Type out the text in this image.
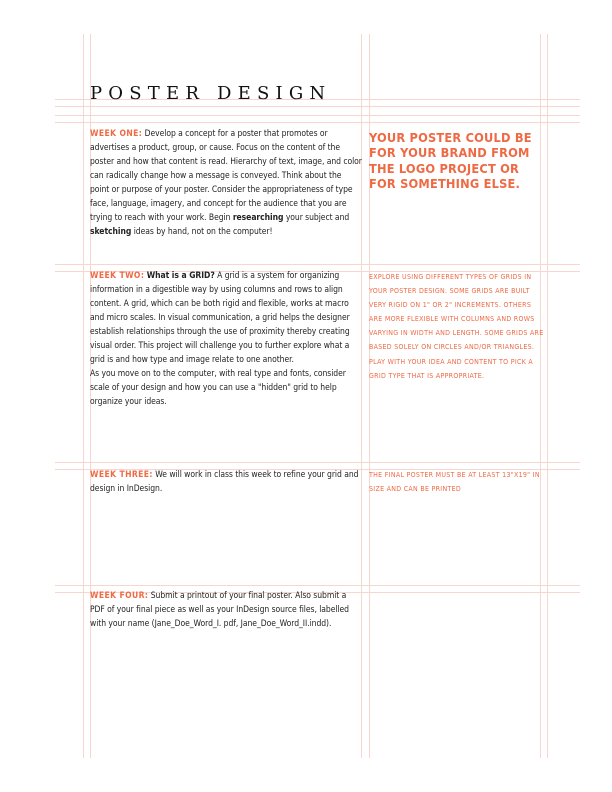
POSTER DESIGN

WEEK ONE: Develop a concept for a poster that promotes or advertises a product, group, or cause. Focus on the content of the poster and how that content is read. Hierarchy of text, image, and color can radically change how a message is conveyed. Think about the point or purpose of your poster. Consider the appropriateness of type face, language, imagery, and concept for the audience that you are trying to reach with your work. Begin researching your subject and sketching ideas by hand, not on the computer!

YOUR POSTER COULD BE FOR YOUR BRAND FROM THE LOGO PROJECT OR FOR SOMETHING ELSE.

WEEK TWO: What is a GRID? A grid is a system for organizing information in a digestible way by using columns and rows to align content. A grid, which can be both rigid and flexible, works at macro and micro scales. In visual communication, a grid helps the designer establish relationships through the use of proximity thereby creating visual order. This project will challenge you to further explore what a grid is and how type and image relate to one another.

As you move on to the computer, with real type and fonts, consider scale of your design and how you can use a "hidden" grid to help organize your ideas.

EXPLORE USING DIFFERENT TYPES OF GRIDS IN YOUR POSTER DESIGN. SOME GRIDS ARE BUILT VERY RIGID ON 1" OR 2" INCREMENTS. OTHERS ARE MORE FLEXIBLE WITH COLUMNS AND ROWS VARYING IN WIDTH AND LENGTH. SOME GRIDS ARE BASED SOLELY ON CIRCLES AND/OR TRIANGLES. PLAY WITH YOUR IDEA AND CONTENT TO PICK A GRID TYPE THAT IS APPROPRIATE.

WEEK THREE: We will work in class this week to refine your grid and design in InDesign.

THE FINAL POSTER MUST BE AT LEAST 13"X19" IN SIZE AND CAN BE PRINTED

WEEK FOUR: Submit a printout of your final poster. Also submit a PDF of your final piece as well as your InDesign source files, labelled with your name (Jane_Doe_Word_I. pdf, Jane_Doe_Word_II.indd).
